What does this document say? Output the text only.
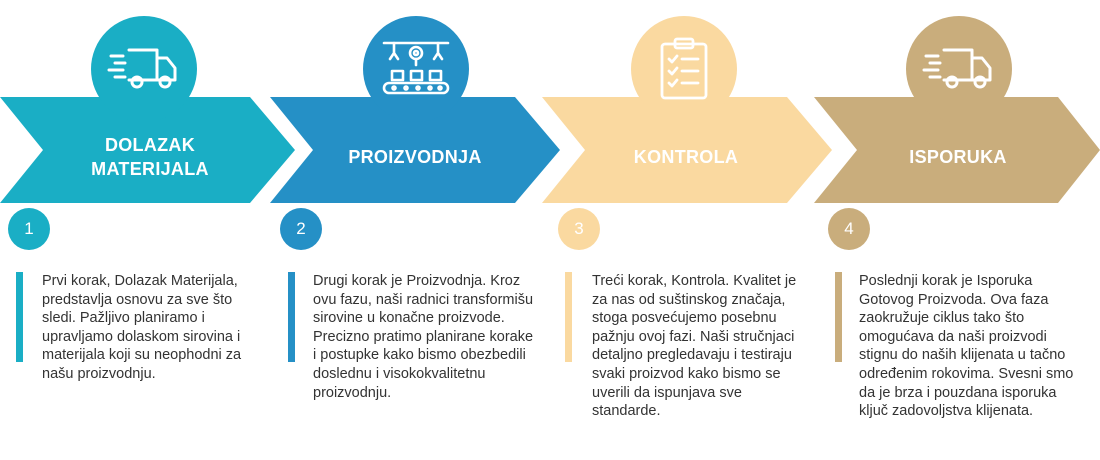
DOLAZAK
MATERIJALA
PROIZVODNJA	KONTROLA	ISPORUKA
1	2	3	4
Prvi korak, Dolazak Materijala, predstavlja osnovu za sve što sledi. Pažljivo planiramo i upravljamo dolaskom sirovina i materijala koji su neophodni za našu proizvodnju.
Drugi korak je Proizvodnja. Kroz ovu fazu, naši radnici transformišu sirovine u konačne proizvode. Precizno pratimo planirane korake i postupke kako bismo obezbedili doslednu i visokokvalitetnu proizvodnju.
Treći korak, Kontrola. Kvalitet je za nas od suštinskog značaja, stoga posvećujemo posebnu pažnju ovoj fazi. Naši stručnjaci detaljno pregledavaju i testiraju svaki proizvod kako bismo se uverili da ispunjava sve standarde.
Poslednji korak je Isporuka Gotovog Proizvoda. Ova faza zaokružuje ciklus tako što omogućava da naši proizvodi stignu do naših klijenata u tačno određenim rokovima. Svesni smo da je brza i pouzdana isporuka ključ zadovoljstva klijenata.
